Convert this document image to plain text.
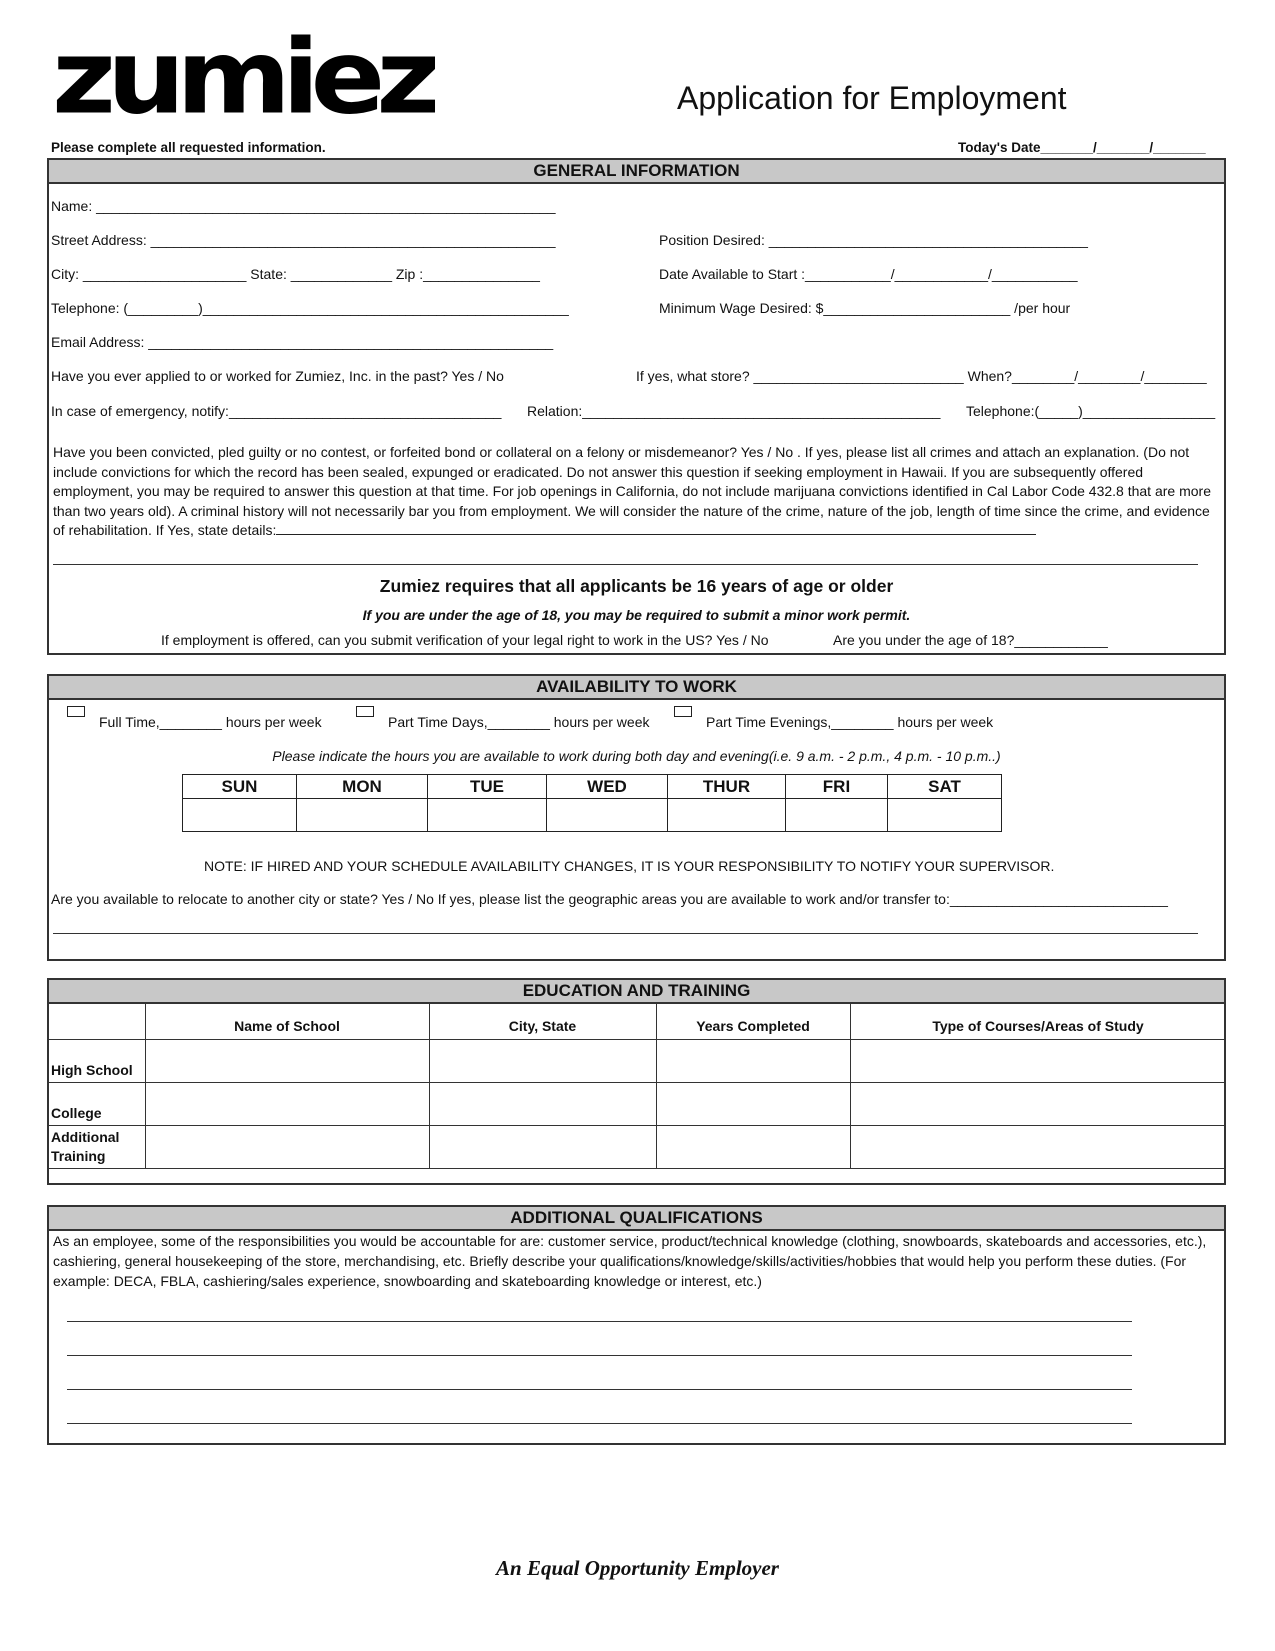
zumiez	Application for Employment
Please complete all requested information.	Today's Date_______/_______/_______
GENERAL INFORMATION
Name: ___________________________________________________________
Street Address: ____________________________________________________	Position Desired: _________________________________________
City: _____________________ State: _____________ Zip :_______________	Date Available to Start :___________/____________/___________
Telephone: (_________)_______________________________________________	Minimum Wage Desired: $________________________ /per hour
Email Address: ____________________________________________________
Have you ever applied to or worked for Zumiez, Inc. in the past? Yes / No	If yes, what store? ___________________________ When?________/________/________
In case of emergency, notify:___________________________________ Relation:______________________________________________ Telephone:(_____)_________________
Have you been convicted, pled guilty or no contest, or forfeited bond or collateral on a felony or misdemeanor? Yes / No . If yes, please list all crimes and attach an explanation. (Do not include convictions for which the record has been sealed, expunged or eradicated. Do not answer this question if seeking employment in Hawaii. If you are subsequently offered employment, you may be required to answer this question at that time. For job openings in California, do not include marijuana convictions identified in Cal Labor Code 432.8 that are more than two years old). A criminal history will not necessarily bar you from employment. We will consider the nature of the crime, nature of the job, length of time since the crime, and evidence of rehabilitation. If Yes, state details:
Zumiez requires that all applicants be 16 years of age or older
If you are under the age of 18, you may be required to submit a minor work permit.
If employment is offered, can you submit verification of your legal right to work in the US? Yes / No	Are you under the age of 18?____________
AVAILABILITY TO WORK
Full Time,________ hours per week	Part Time Days,________ hours per week	Part Time Evenings,________ hours per week
Please indicate the hours you are available to work during both day and evening(i.e. 9 a.m. - 2 p.m., 4 p.m. - 10 p.m..)
SUN	MON	TUE	WED	THUR	FRI	SAT

NOTE: IF HIRED AND YOUR SCHEDULE AVAILABILITY CHANGES, IT IS YOUR RESPONSIBILITY TO NOTIFY YOUR SUPERVISOR.
Are you available to relocate to another city or state? Yes / No If yes, please list the geographic areas you are available to work and/or transfer to:____________________________
EDUCATION AND TRAINING
Name of School	City, State	Years Completed	Type of Courses/Areas of Study
High School
College
Additional Training
ADDITIONAL QUALIFICATIONS
As an employee, some of the responsibilities you would be accountable for are: customer service, product/technical knowledge (clothing, snowboards, skateboards and accessories, etc.), cashiering, general housekeeping of the store, merchandising, etc. Briefly describe your qualifications/knowledge/skills/activities/hobbies that would help you perform these duties. (For example: DECA, FBLA, cashiering/sales experience, snowboarding and skateboarding knowledge or interest, etc.)
An Equal Opportunity Employer
